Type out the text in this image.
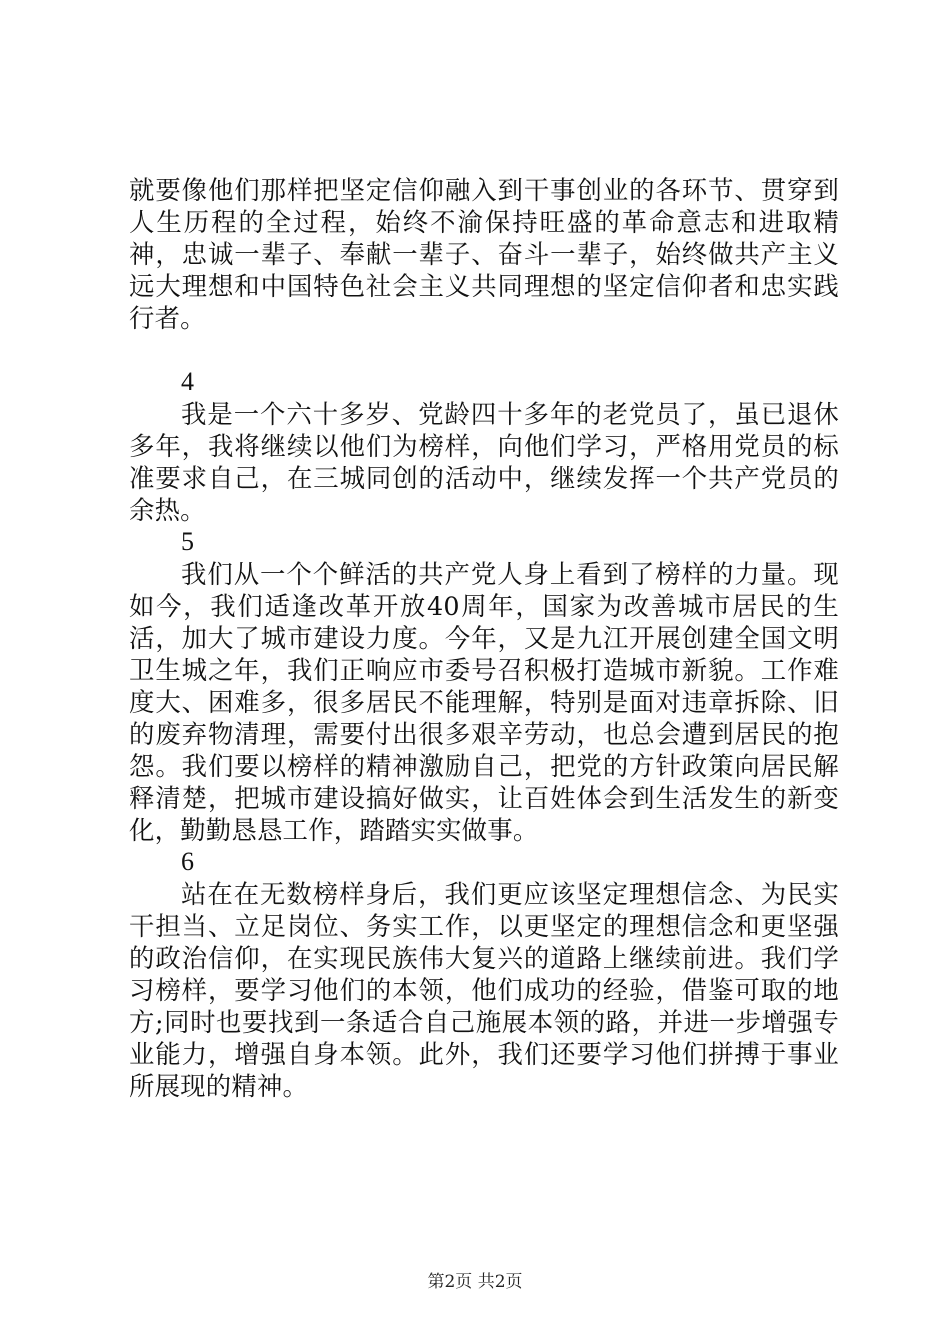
就要像他们那样把坚定信仰融入到干事创业的各环节、贯穿到人生历程的全过程，始终不渝保持旺盛的革命意志和进取精神，忠诚一辈子、奉献一辈子、奋斗一辈子，始终做共产主义远大理想和中国特色社会主义共同理想的坚定信仰者和忠实践行者。

4

我是一个六十多岁、党龄四十多年的老党员了，虽已退休多年，我将继续以他们为榜样，向他们学习，严格用党员的标准要求自己，在三城同创的活动中，继续发挥一个共产党员的余热。

5

我们从一个个鲜活的共产党人身上看到了榜样的力量。现如今，我们适逢改革开放40周年，国家为改善城市居民的生活，加大了城市建设力度。今年，又是九江开展创建全国文明卫生城之年，我们正响应市委号召积极打造城市新貌。工作难度大、困难多，很多居民不能理解，特别是面对违章拆除、旧的废弃物清理，需要付出很多艰辛劳动，也总会遭到居民的抱怨。我们要以榜样的精神激励自己，把党的方针政策向居民解释清楚，把城市建设搞好做实，让百姓体会到生活发生的新变化，勤勤恳恳工作，踏踏实实做事。

6

站在在无数榜样身后，我们更应该坚定理想信念、为民实干担当、立足岗位、务实工作，以更坚定的理想信念和更坚强的政治信仰，在实现民族伟大复兴的道路上继续前进。我们学习榜样，要学习他们的本领，他们成功的经验，借鉴可取的地方;同时也要找到一条适合自己施展本领的路，并进一步增强专业能力，增强自身本领。此外，我们还要学习他们拼搏于事业所展现的精神。

第2页 共2页
